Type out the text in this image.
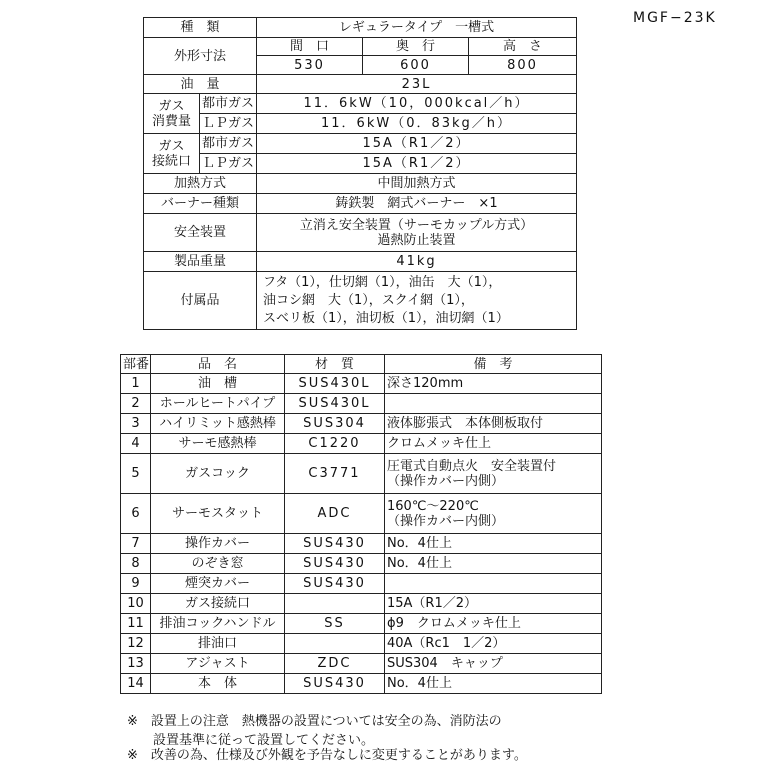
MGF−23K
種　類		レギュラータイプ　一槽式		
外形寸法		間　口	奥　行	高　さ
		530	600	800
油　量		23L		

ガス
消費量	都市ガス	11．6kW（10，000kcal／h）		
	ＬＰガス	11．6kW（0．83kg／h）		

ガス
接続口	都市ガス	15A（R1／2）		
	ＬＰガス	15A（R1／2）		
加熱方式		中間加熱方式		
バーナー種類		鋳鉄製　網式バーナー　×1		
安全装置		立消え安全装置（サーモカップル方式）
過熱防止装置		

製品重量		41kg		
付属品		フタ（1），仕切網（1），油缶　大（1），
油コシ網　大（1），スクイ網（1），
スベリ板（1），油切板（1），油切網（1）		
部番	品　名	材　質	備　考
1	油　槽	SUS430L	深さ120mm

2	ホールヒートパイプ	SUS430L	

3	ハイリミット感熱棒	SUS304	液体膨張式　本体側板取付

4	サーモ感熱棒	C1220	クロムメッキ仕上

5	ガスコック	C3771	圧電式自動点火　安全装置付
（操作カバー内側）

6	サーモスタット	ADC	160℃〜220℃
（操作カバー内側）

7	操作カバー	SUS430	No．4仕上

8	のぞき窓	SUS430	No．4仕上

9	煙突カバー	SUS430	

10	ガス接続口		15A（R1／2）

11	排油コックハンドル	SS	ϕ9　クロムメッキ仕上

12	排油口		40A（Rc1　1／2）

13	アジャスト	ZDC	SUS304　キャップ

14	本　体	SUS430	No．4仕上
※　設置上の注意　熱機器の設置については安全の為、消防法の
　　設置基準に従って設置してください。
※　改善の為、仕様及び外観を予告なしに変更することがあります。
